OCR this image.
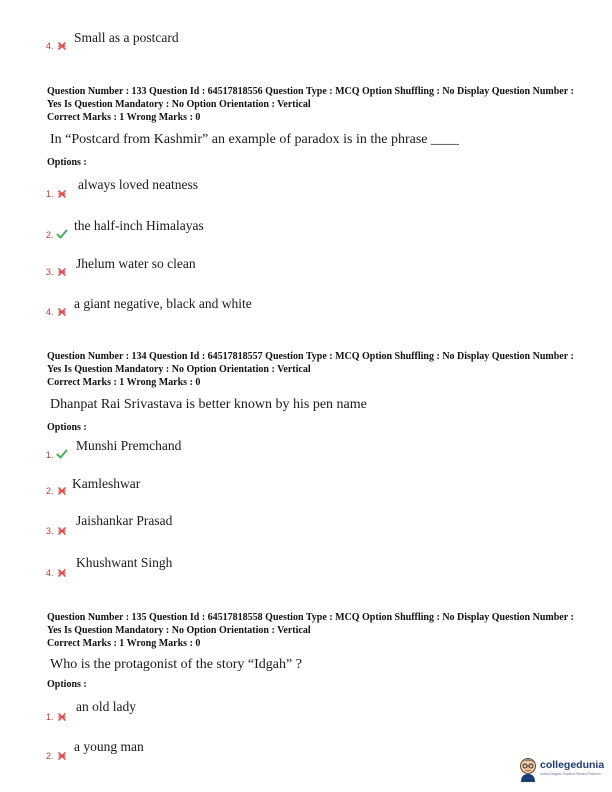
4.
Small as a postcard
Question Number : 133 Question Id : 64517818556 Question Type : MCQ Option Shuffling : No Display Question Number : Yes Is Question Mandatory : No Option Orientation : Vertical
Correct Marks : 1 Wrong Marks : 0
In “Postcard from Kashmir” an example of paradox is in the phrase ____
Options :
1.
always loved neatness
2.
the half-inch Himalayas
3.
Jhelum water so clean
4.
a giant negative, black and white
Question Number : 134 Question Id : 64517818557 Question Type : MCQ Option Shuffling : No Display Question Number : Yes Is Question Mandatory : No Option Orientation : Vertical
Correct Marks : 1 Wrong Marks : 0
Dhanpat Rai Srivastava is better known by his pen name
Options :
1.
Munshi Premchand
2. Kamleshwar
3.
Jaishankar Prasad
4.
Khushwant Singh
Question Number : 135 Question Id : 64517818558 Question Type : MCQ Option Shuffling : No Display Question Number : Yes Is Question Mandatory : No Option Orientation : Vertical
Correct Marks : 1 Wrong Marks : 0
Who is the protagonist of the story “Idgah” ?
Options :
1.
an old lady
2.
a young man
collegedunia
India's largest Student Review Platform
